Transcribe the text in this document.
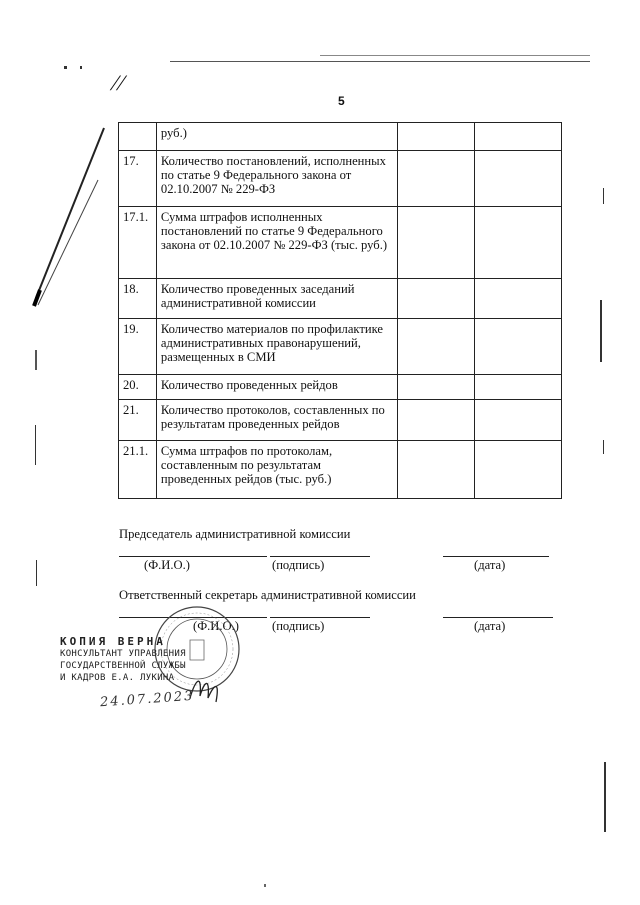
//
5
	руб.)		
17.	Количество постановлений, исполненных по статье 9 Федерального закона от 02.10.2007 № 229-ФЗ		
17.1.	Сумма штрафов исполненных постановлений по статье 9 Федерального закона от 02.10.2007 № 229-ФЗ (тыс. руб.)		
18.	Количество проведенных заседаний административной комиссии		
19.	Количество материалов по профилактике административных правонарушений, размещенных в СМИ		
20.	Количество проведенных рейдов		
21.	Количество протоколов, составленных по результатам проведенных рейдов		
21.1.	Сумма штрафов по протоколам, составленным по результатам проведенных рейдов (тыс. руб.)		
Председатель административной комиссии
(Ф.И.О.)	(подпись)	(дата)
Ответственный секретарь административной комиссии
(Ф.И.О.)	(подпись)	(дата)
КОПИЯ ВЕРНА
КОНСУЛЬТАНТ УПРАВЛЕНИЯ
ГОСУДАРСТВЕННОЙ СЛУЖБЫ
И КАДРОВ Е.А. ЛУКИНА
24.07.2023
